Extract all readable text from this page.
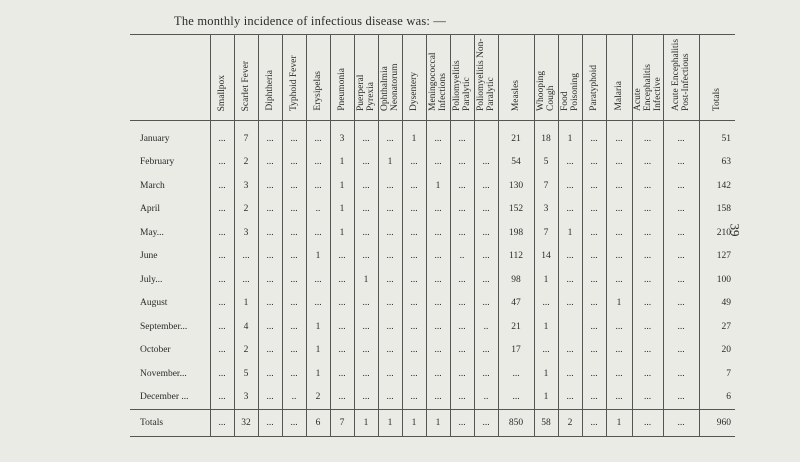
The monthly incidence of infectious disease was: —
39

	Smallpox	Scarlet Fever	Diphtheria	Typhoid Fever	Erysipelas	Pneumonia	Puerperal Pyrexia	Ophthalmia Neonatorum	Dysentery	Meningococcal Infections	Poliomyelitis Paralytic	Poliomyelitis Non-Paralytic	Measles	Whooping Cough	Food Poisoning	Paratyphoid	Malaria	Acute Encephalitis Infective	Acute Encephalitis Post-Infectious	Totals

January	...	7	...	...	...	3	...	...	1	...	...		21	18	1	...	...	...	...	51
February	...	2	...	...	...	1	...	1	...	...	...	...	54	5	...	...	...	...	...	63
March	...	3	...	...	...	1	...	...	...	1	...	...	130	7	...	...	...	...	...	142
April	...	2	...	...	..	1	...	...	...	...	...	...	152	3	...	...	...	...	...	158
May...	...	3	...	...	...	1	...	...	...	...	...	...	198	7	1	...	...	...	...	210
June	...	...	...	...	1	...	...	...	...	...	..	...	112	14	...	...	...	...	...	127
July...	...	...	...	...	...	...	1	...	...	...	...	...	98	1	...	...	...	...	...	100
August	...	1	...	...	...	...	...	...	...	...	...	...	47	...	...	...	1	...	...	49
September...	...	4	...	...	1	...	...	...	...	...	...	..	21	1		...	...	...	...	27
October	...	2	...	...	1	...	...	...	...	...	...	...	17	...	...	...	...	...	...	20
November...	...	5	...	...	1	...	...	...	...	...	...	...	...	1	...	...	...	...	...	7
December ...	...	3	...	..	2	...	...	...	...	...	...	..	...	1	...	...	...	...	...	6
Totals	...	32	...	...	6	7	1	1	1	1	...	...	850	58	2	...	1	...	...	960
